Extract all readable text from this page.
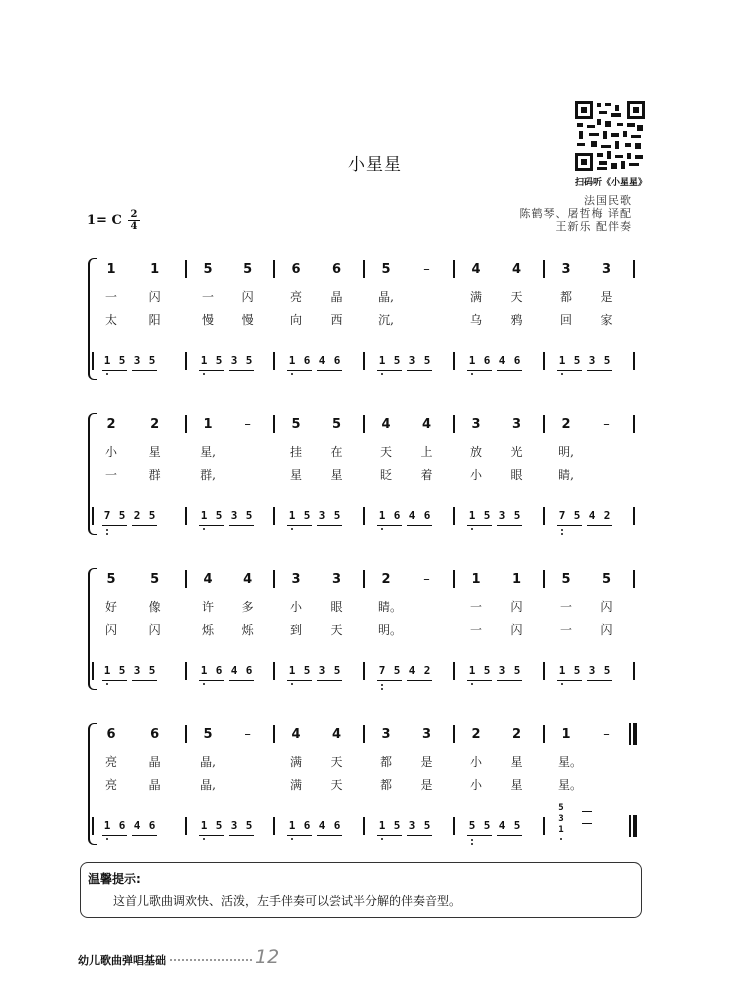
小星星
扫码听《小星星》
法国民歌
陈鹤琴、屠哲梅 译配
王新乐 配伴奏
1= C 2
4
1	1	5 5	6 6	5	–	4 4	3 3
一	闪	一 闪	亮 晶	晶,	满 天	都 是
太	阳	慢 慢	向 西	沉,	乌 鸦	回 家
1 5 3 5	1 5 3 5	1 6 4 6	1 5 3 5	1 6 4 6	1 5 3 5
2	2	1 –	5 5	4 4	3 3	2	–
小	星	星,	挂 在	天 上	放 光	明,
一	群	群,	星 星	眨 着	小 眼	睛,
7 5 2 5	1 5 3 5	1 5 3 5	1 6 4 6	1 5 3 5	7 5 4 2
5	5	4 4	3 3	2	–	1 1	5 5
好	像	许 多	小 眼	睛。	一 闪	一 闪
闪	闪	烁 烁	到 天	明。	一 闪	一 闪
1 5 3 5	1 6 4 6	1 5 3 5	7 5 4 2	1 5 3 5	1 5 3 5
6	6	5 –	4 4	3 3	2 2	1	–
亮	晶	晶,	满 天	都 是	小 星	星。
亮	晶	晶,	满 天	都 是	小 星	星。
1 6 4 6	1 5 3 5	1 6 4 6	1 5 3 5	5 5 4 5
5
3
1
温馨提示:
这首儿歌曲调欢快、活泼，左手伴奏可以尝试半分解的伴奏音型。
幼儿歌曲弹唱基础	12
